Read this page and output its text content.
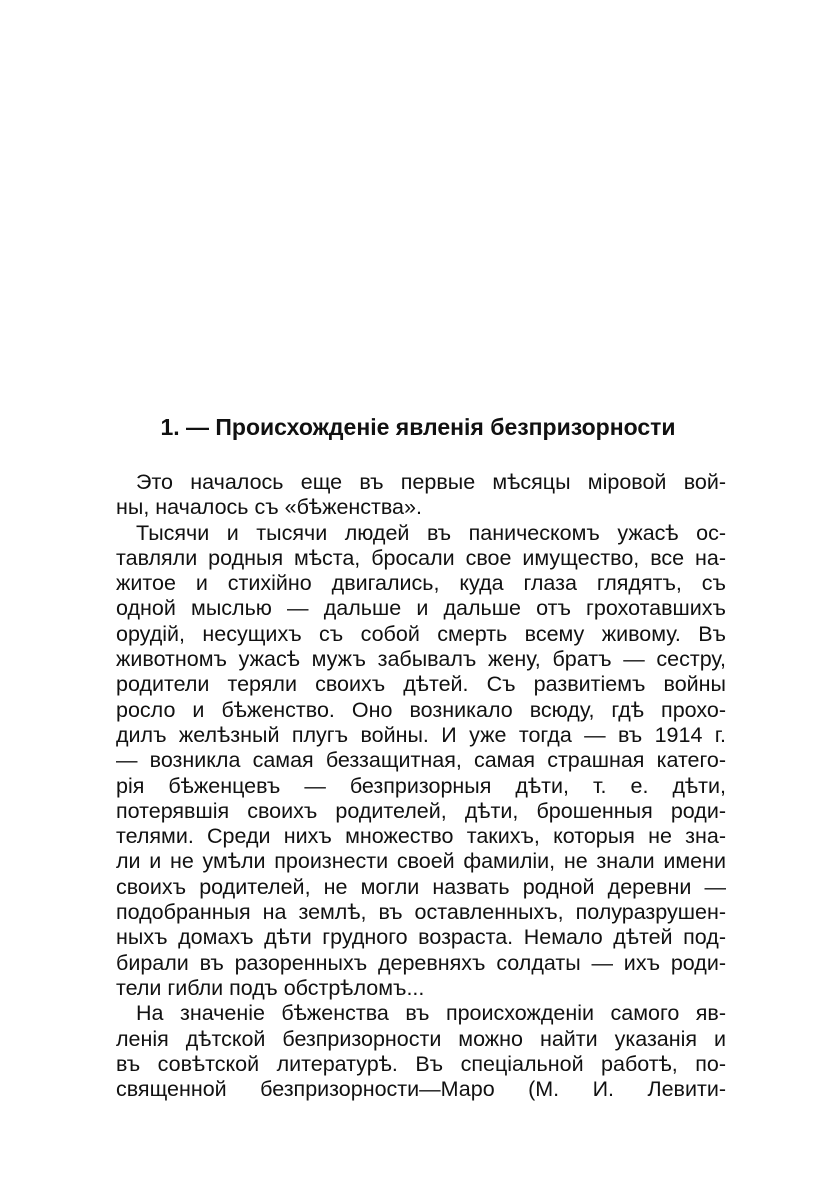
1. — Происхожденіе явленія безпризорности
Это началось еще въ первые мѣсяцы міровой вой-
ны, началось съ «бѣженства».
Тысячи и тысячи людей въ паническомъ ужасѣ ос-
тавляли родныя мѣста, бросали свое имущество, все на-
житое и стихійно двигались, куда глаза глядятъ, съ
одной мыслью — дальше и дальше отъ грохотавшихъ
орудій, несущихъ съ собой смерть всему живому. Въ
животномъ ужасѣ мужъ забывалъ жену, братъ — сестру,
родители теряли своихъ дѣтей. Съ развитіемъ войны
росло и бѣженство. Оно возникало всюду, гдѣ прохо-
дилъ желѣзный плугъ войны. И уже тогда — въ 1914 г.
— возникла самая беззащитная, самая страшная катего-
рія бѣженцевъ — безпризорныя дѣти, т. е. дѣти,
потерявшія своихъ родителей, дѣти, брошенныя роди-
телями. Среди нихъ множество такихъ, которыя не зна-
ли и не умѣли произнести своей фамиліи, не знали имени
своихъ родителей, не могли назвать родной деревни —
подобранныя на землѣ, въ оставленныхъ, полуразрушен-
ныхъ домахъ дѣти грудного возраста. Немало дѣтей под-
бирали въ разоренныхъ деревняхъ солдаты — ихъ роди-
тели гибли подъ обстрѣломъ...
На значеніе бѣженства въ происхожденіи самого яв-
ленія дѣтской безпризорности можно найти указанія и
въ совѣтской литературѣ. Въ спеціальной работѣ, по-
священной безпризорности—Маро (М. И. Левити-
